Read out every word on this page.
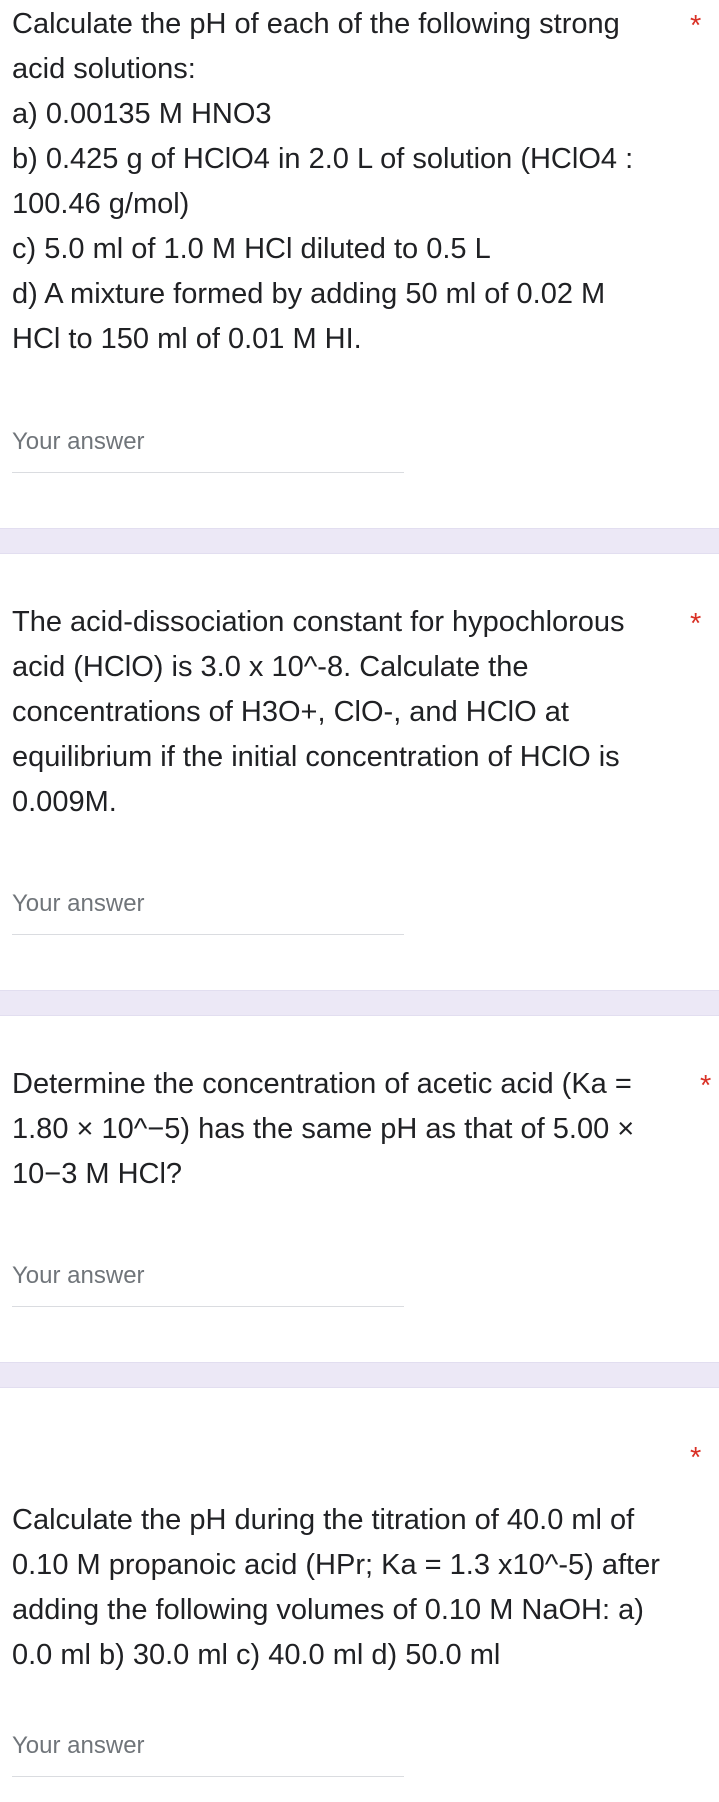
Calculate the pH of each of the following strong
acid solutions:
a) 0.00135 M HNO3
b) 0.425 g of HClO4 in 2.0 L of solution (HClO4 :
100.46 g/mol)
c) 5.0 ml of 1.0 M HCl diluted to 0.5 L
d) A mixture formed by adding 50 ml of 0.02 M
HCl to 150 ml of 0.01 M HI.
*
Your answer
The acid-dissociation constant for hypochlorous
acid (HClO) is 3.0 x 10^-8. Calculate the
concentrations of H3O+, ClO-, and HClO at
equilibrium if the initial concentration of HClO is
0.009M.
*
Your answer
Determine the concentration of acetic acid (Ka =
1.80 × 10^−5) has the same pH as that of 5.00 ×
10−3 M HCl?
*
Your answer
*
Calculate the pH during the titration of 40.0 ml of
0.10 M propanoic acid (HPr; Ka = 1.3 x10^-5) after
adding the following volumes of 0.10 M NaOH: a)
0.0 ml b) 30.0 ml c) 40.0 ml d) 50.0 ml
Your answer
